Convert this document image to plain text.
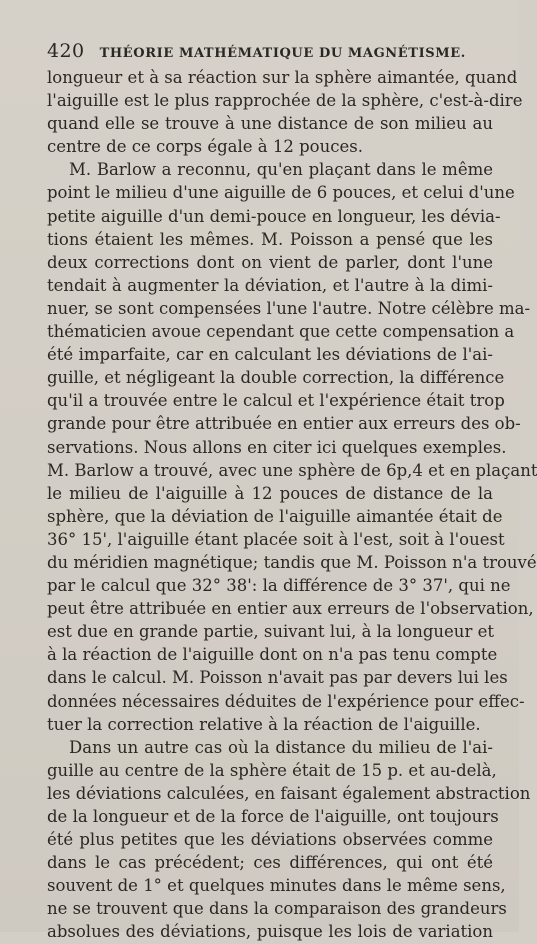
420 THÉORIE MATHÉMATIQUE DU MAGNÉTISME.
longueur et à sa réaction sur la sphère aimantée, quand
l'aiguille est le plus rapprochée de la sphère, c'est-à-dire
quand elle se trouve à une distance de son milieu au
centre de ce corps égale à 12 pouces.
M. Barlow a reconnu, qu'en plaçant dans le même
point le milieu d'une aiguille de 6 pouces, et celui d'une
petite aiguille d'un demi-pouce en longueur, les dévia-
tions étaient les mêmes. M. Poisson a pensé que les
deux corrections dont on vient de parler, dont l'une
tendait à augmenter la déviation, et l'autre à la dimi-
nuer, se sont compensées l'une l'autre. Notre célèbre ma-
thématicien avoue cependant que cette compensation a
été imparfaite, car en calculant les déviations de l'ai-
guille, et négligeant la double correction, la différence
qu'il a trouvée entre le calcul et l'expérience était trop
grande pour être attribuée en entier aux erreurs des ob-
servations. Nous allons en citer ici quelques exemples.
M. Barlow a trouvé, avec une sphère de 6p,4 et en plaçant
le milieu de l'aiguille à 12 pouces de distance de la
sphère, que la déviation de l'aiguille aimantée était de
36° 15', l'aiguille étant placée soit à l'est, soit à l'ouest
du méridien magnétique; tandis que M. Poisson n'a trouvé
par le calcul que 32° 38': la différence de 3° 37', qui ne
peut être attribuée en entier aux erreurs de l'observation,
est due en grande partie, suivant lui, à la longueur et
à la réaction de l'aiguille dont on n'a pas tenu compte
dans le calcul. M. Poisson n'avait pas par devers lui les
données nécessaires déduites de l'expérience pour effec-
tuer la correction relative à la réaction de l'aiguille.
Dans un autre cas où la distance du milieu de l'ai-
guille au centre de la sphère était de 15 p. et au-delà,
les déviations calculées, en faisant également abstraction
de la longueur et de la force de l'aiguille, ont toujours
été plus petites que les déviations observées comme
dans le cas précédent; ces différences, qui ont été
souvent de 1° et quelques minutes dans le même sens,
ne se trouvent que dans la comparaison des grandeurs
absolues des déviations, puisque les lois de variation
